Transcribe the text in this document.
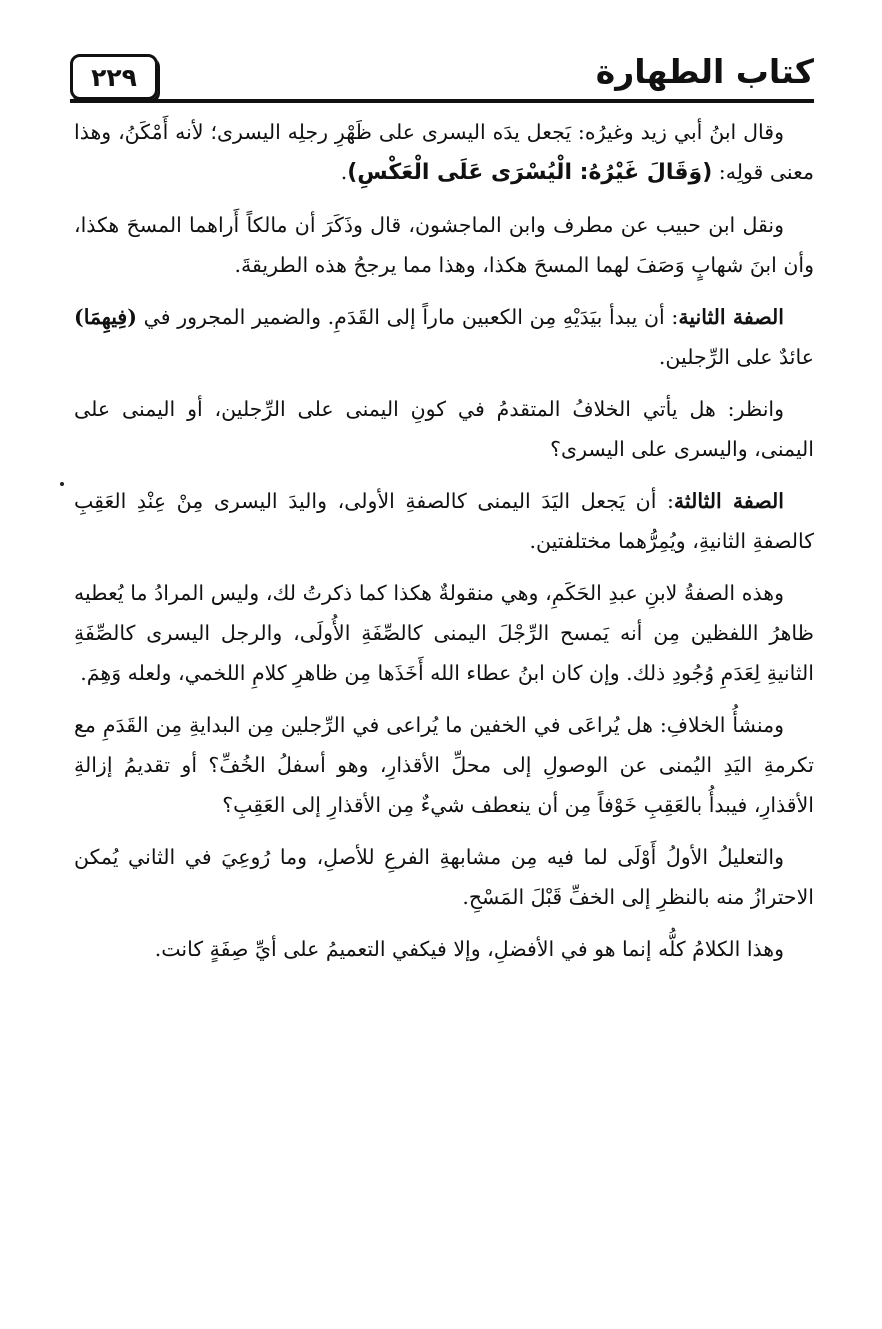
كتاب الطهارة
٢٢٩

وقال ابنُ أبي زيد وغيرُه: يَجعل يدَه اليسرى على ظَهْرِ رجلِه اليسرى؛ لأنه أَمْكَنُ، وهذا معنى قولِه: (وَقَالَ غَيْرُهُ: الْيُسْرَى عَلَى الْعَكْسِ).

ونقل ابن حبيب عن مطرف وابن الماجشون، قال وذَكَرَ أن مالكاً أَراهما المسحَ هكذا، وأن ابنَ شهابٍ وَصَفَ لهما المسحَ هكذا، وهذا مما يرجحُ هذه الطريقةَ.

الصفة الثانية: أن يبدأ بيَدَيْهِ مِن الكعبين ماراً إلى القَدَمِ. والضمير المجرور في (فِيهِمَا) عائدٌ على الرِّجلين.

وانظر: هل يأتي الخلافُ المتقدمُ في كونِ اليمنى على الرِّجلين، أو اليمنى على اليمنى، واليسرى على اليسرى؟

الصفة الثالثة: أن يَجعل اليَدَ اليمنى كالصفةِ الأولى، واليدَ اليسرى مِنْ عِنْدِ العَقِبِ كالصفةِ الثانيةِ، ويُمِرُّهما مختلفتين.

وهذه الصفةُ لابنِ عبدِ الحَكَمِ، وهي منقولةٌ هكذا كما ذكرتُ لك، وليس المرادُ ما يُعطيه ظاهرُ اللفظين مِن أنه يَمسح الرِّجْلَ اليمنى كالصِّفَةِ الأُولَى، والرجل اليسرى كالصِّفَةِ الثانيةِ لِعَدَمِ وُجُودِ ذلك. وإن كان ابنُ عطاء الله أَخَذَها مِن ظاهرِ كلامِ اللخمي، ولعله وَهِمَ.

ومنشأُ الخلافِ: هل يُراعَى في الخفين ما يُراعى في الرِّجلين مِن البدايةِ مِن القَدَمِ مع تكرمةِ اليَدِ اليُمنى عن الوصولِ إلى محلِّ الأقذارِ، وهو أسفلُ الخُفِّ؟ أو تقديمُ إزالةِ الأقذارِ، فيبدأُ بالعَقِبِ خَوْفاً مِن أن ينعطف شيءٌ مِن الأقذارِ إلى العَقِبِ؟

والتعليلُ الأولُ أَوْلَى لما فيه مِن مشابهةِ الفرعِ للأصلِ، وما رُوعِيَ في الثاني يُمكن الاحترازُ منه بالنظرِ إلى الخفِّ قَبْلَ المَسْحِ.

وهذا الكلامُ كلُّه إنما هو في الأفضلِ، وإلا فيكفي التعميمُ على أيِّ صِفَةٍ كانت.
